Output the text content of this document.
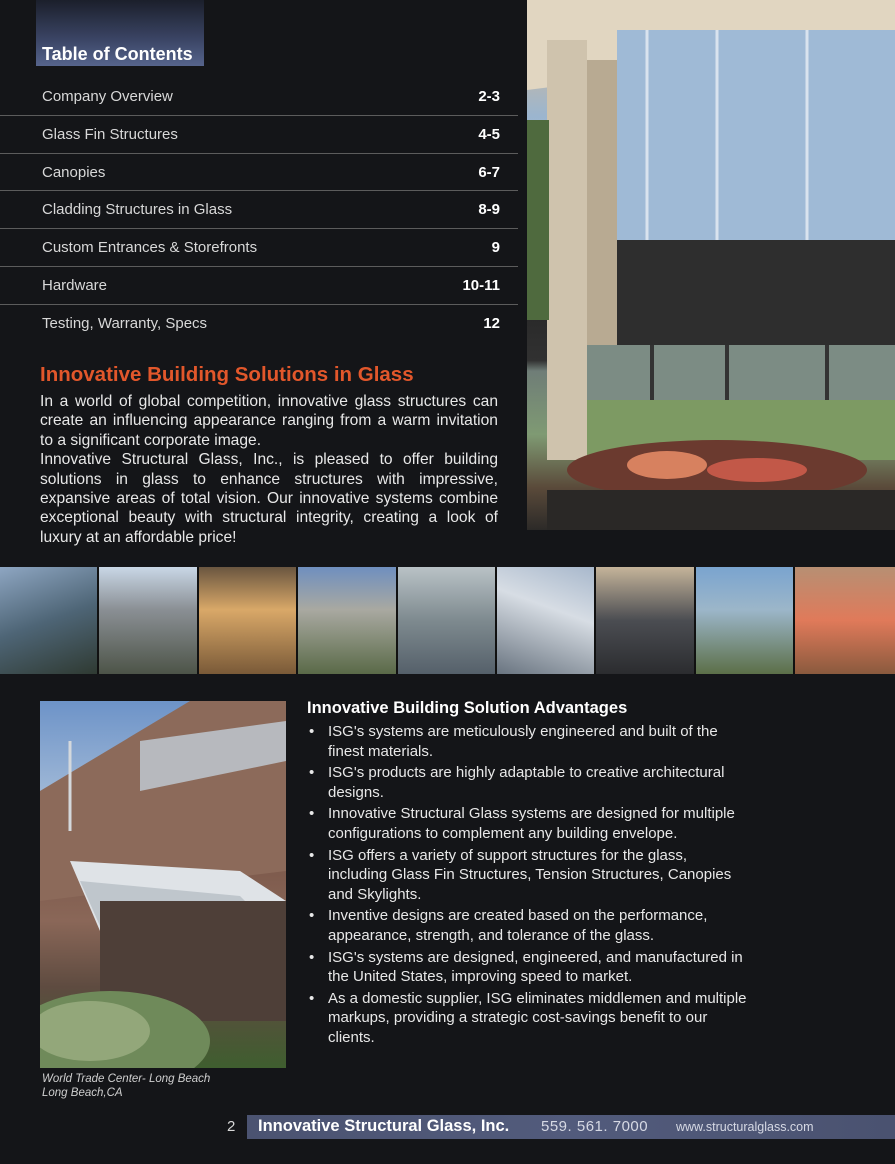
Table of Contents
Company Overview	2-3
Glass Fin Structures	4-5
Canopies	6-7
Cladding Structures in Glass	8-9
Custom Entrances & Storefronts	9
Hardware	10-11
Testing, Warranty, Specs	12
Innovative Building Solutions in Glass

In a world of global competition, innovative glass structures can create an influencing appearance ranging from a warm invitation to a significant corporate image.

Innovative Structural Glass, Inc., is pleased to offer building solutions in glass to enhance structures with impressive, expansive areas of total vision. Our innovative systems combine exceptional beauty with structural integrity, creating a look of luxury at an affordable price!

World Trade Center- Long Beach
Long Beach,CA
Innovative Building Solution Advantages
• ISG's systems are meticulously engineered and built of the finest materials.
• ISG's products are highly adaptable to creative architectural designs.
• Innovative Structural Glass systems are designed for multiple configurations to complement any building envelope.
• ISG offers a variety of support structures for the glass, including Glass Fin Structures, Tension Structures, Canopies and Skylights.
• Inventive designs are created based on the performance, appearance, strength, and tolerance of the glass.
• ISG's systems are designed, engineered, and manufactured in the United States, improving speed to market.
• As a domestic supplier, ISG eliminates middlemen and multiple markups, providing a strategic cost-savings benefit to our clients.
2 Innovative Structural Glass, Inc. 559. 561. 7000 www.structuralglass.com
